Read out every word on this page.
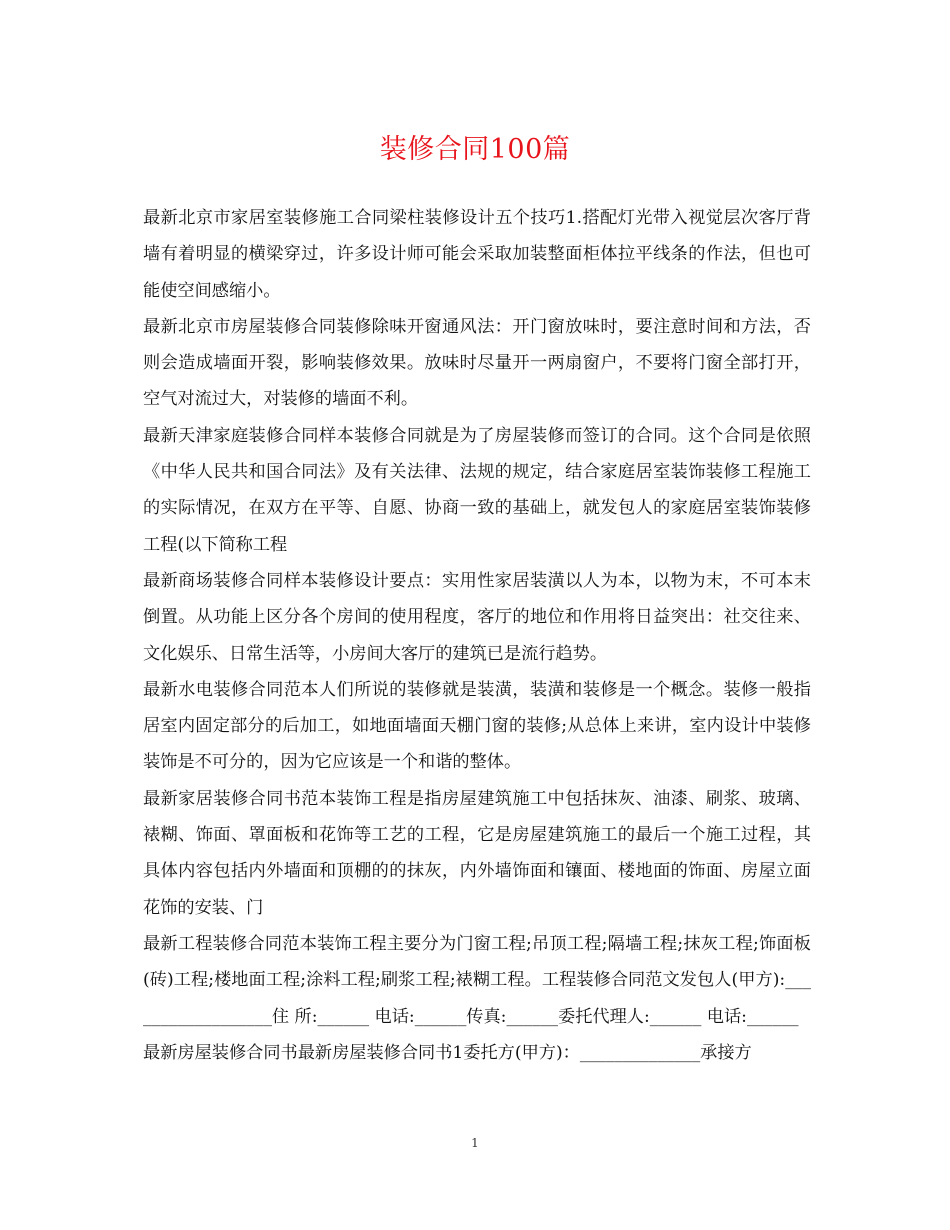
装修合同100篇

最新北京市家居室装修施工合同梁柱装修设计五个技巧1.搭配灯光带入视觉层次客厅背墙有着明显的横梁穿过，许多设计师可能会采取加装整面柜体拉平线条的作法，但也可能使空间感缩小。

最新北京市房屋装修合同装修除味开窗通风法：开门窗放味时，要注意时间和方法，否则会造成墙面开裂，影响装修效果。放味时尽量开一两扇窗户，不要将门窗全部打开，空气对流过大，对装修的墙面不利。

最新天津家庭装修合同样本装修合同就是为了房屋装修而签订的合同。这个合同是依照《中华人民共和国合同法》及有关法律、法规的规定，结合家庭居室装饰装修工程施工的实际情况，在双方在平等、自愿、协商一致的基础上，就发包人的家庭居室装饰装修工程(以下简称工程

最新商场装修合同样本装修设计要点：实用性家居装潢以人为本，以物为末，不可本末倒置。从功能上区分各个房间的使用程度，客厅的地位和作用将日益突出：社交往来、文化娱乐、日常生活等，小房间大客厅的建筑已是流行趋势。

最新水电装修合同范本人们所说的装修就是装潢，装潢和装修是一个概念。装修一般指居室内固定部分的后加工，如地面墙面天棚门窗的装修;从总体上来讲，室内设计中装修装饰是不可分的，因为它应该是一个和谐的整体。

最新家居装修合同书范本装饰工程是指房屋建筑施工中包括抹灰、油漆、刷浆、玻璃、裱糊、饰面、罩面板和花饰等工艺的工程，它是房屋建筑施工的最后一个施工过程，其具体内容包括内外墙面和顶棚的的抹灰，内外墙饰面和镶面、楼地面的饰面、房屋立面花饰的安装、门

最新工程装修合同范本装饰工程主要分为门窗工程;吊顶工程;隔墙工程;抹灰工程;饰面板(砖)工程;楼地面工程;涂料工程;刷浆工程;裱糊工程。工程装修合同范文发包人(甲方):__________________住 所:______ 电话:______传真:______委托代理人:______ 电话:______

最新房屋装修合同书最新房屋装修合同书1委托方(甲方)：______________承接方

1
